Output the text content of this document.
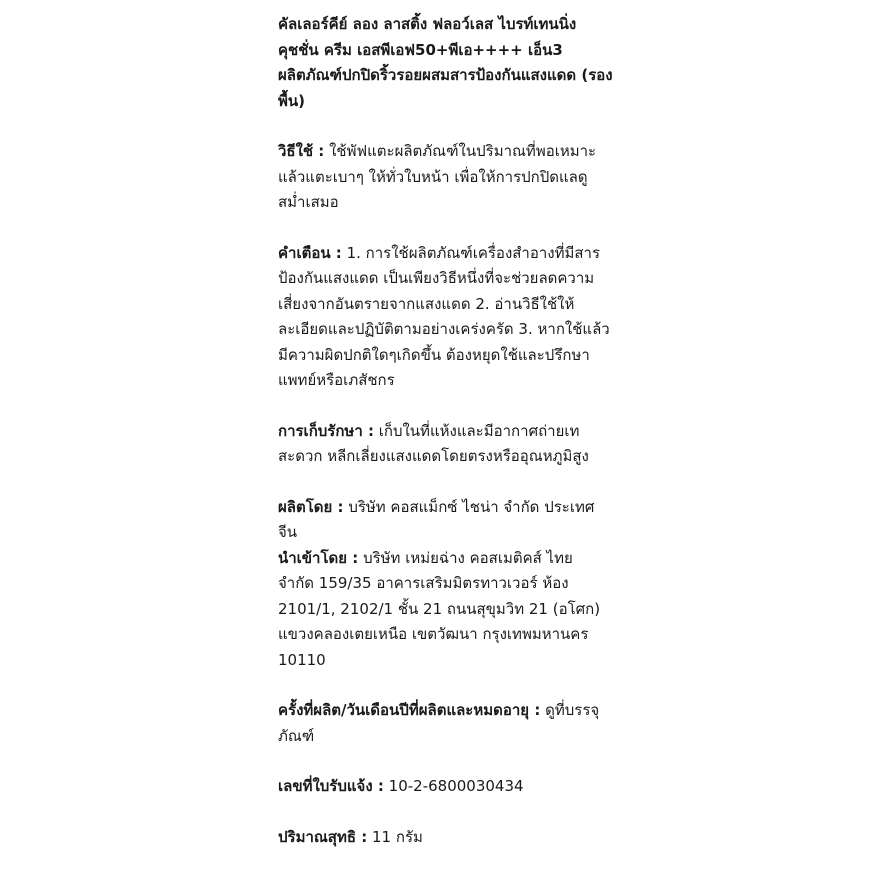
คัลเลอร์คีย์ ลอง ลาสติ้ง ฟลอว์เลส ไบรท์เทนนิ่ง คุชชั่น ครีม เอสพีเอฟ50+พีเอ++++ เอ็น3 ผลิตภัณฑ์ปกปิดริ้วรอยผสมสารป้องกันแสงแดด (รองพื้น)

วิธีใช้ : ใช้พัฟแตะผลิตภัณฑ์ในปริมาณที่พอเหมาะแล้วแตะเบาๆ ให้ทั่วใบหน้า เพื่อให้การปกปิดแลดูสม่ำเสมอ

คำเตือน : 1. การใช้ผลิตภัณฑ์เครื่องสำอางที่มีสารป้องกันแสงแดด เป็นเพียงวิธีหนึ่งที่จะช่วยลดความเสี่ยงจากอันตรายจากแสงแดด 2. อ่านวิธีใช้ให้ละเอียดและปฏิบัติตามอย่างเคร่งครัด 3. หากใช้แล้วมีความผิดปกติใดๆเกิดขึ้น ต้องหยุดใช้และปรึกษาแพทย์หรือเภสัชกร

การเก็บรักษา : เก็บในที่แห้งและมีอากาศถ่ายเทสะดวก หลีกเลี่ยงแสงแดดโดยตรงหรืออุณหภูมิสูง

ผลิตโดย : บริษัท คอสแม็กซ์ ไชน่า จำกัด ประเทศจีน

นำเข้าโดย : บริษัท เหม่ยฉ่าง คอสเมติคส์ ไทย จำกัด 159/35 อาคารเสริมมิตรทาวเวอร์ ห้อง 2101/1, 2102/1 ชั้น 21 ถนนสุขุมวิท 21 (อโศก) แขวงคลองเตยเหนือ เขตวัฒนา กรุงเทพมหานคร 10110

ครั้งที่ผลิต/วันเดือนปีที่ผลิตและหมดอายุ : ดูที่บรรจุภัณฑ์

เลขที่ใบรับแจ้ง : 10-2-6800030434

ปริมาณสุทธิ : 11 กรัม
